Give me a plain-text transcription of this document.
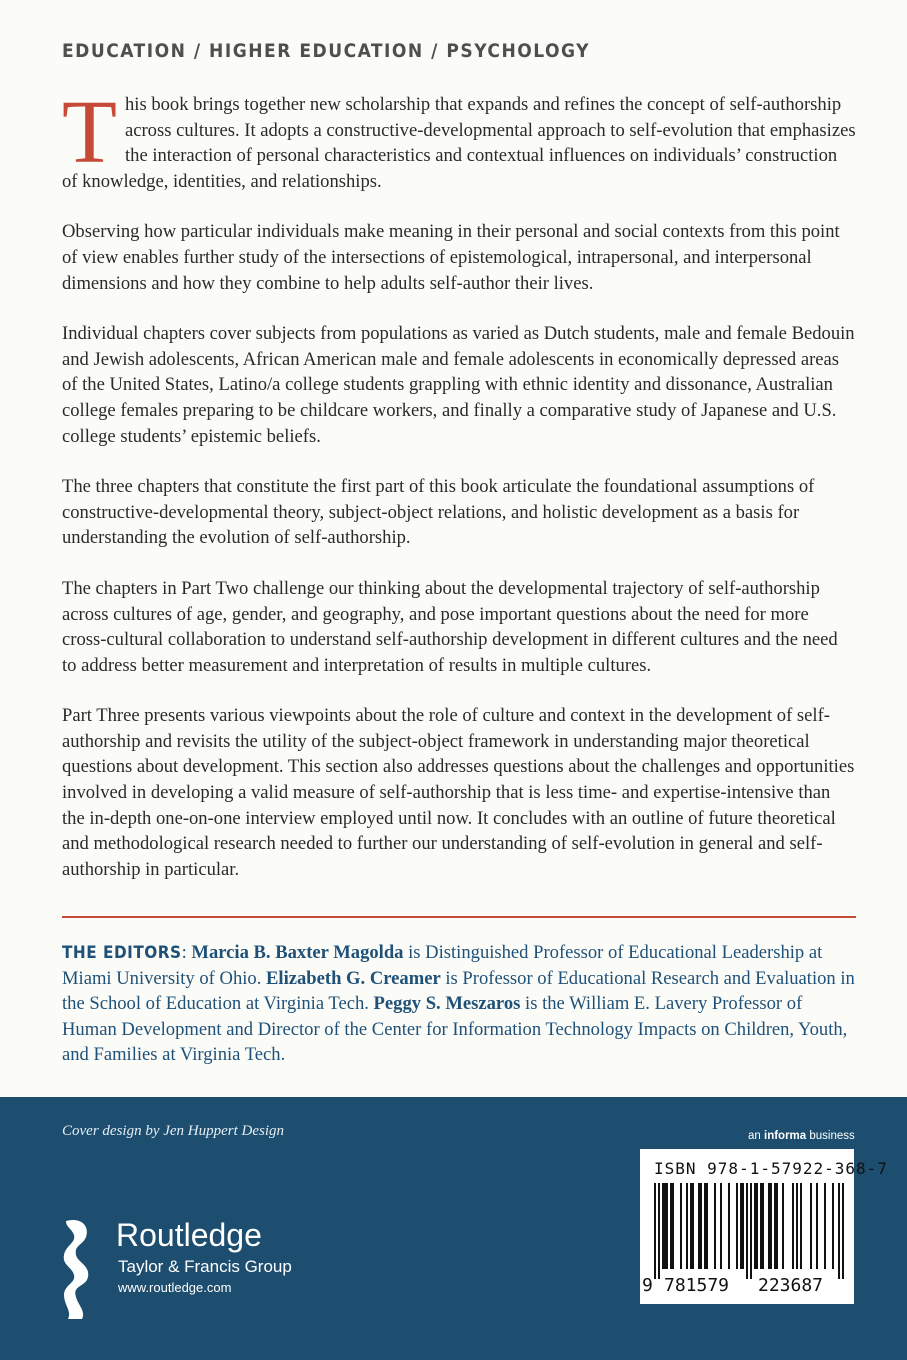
EDUCATION / HIGHER EDUCATION / PSYCHOLOGY

This book brings together new scholarship that expands and refines the concept of self-authorship across cultures. It adopts a constructive-developmental approach to self-evolution that emphasizes the interaction of personal characteristics and contextual influences on individuals’ construction of knowledge, identities, and relationships.

Observing how particular individuals make meaning in their personal and social contexts from this point of view enables further study of the intersections of epistemological, intrapersonal, and interpersonal dimensions and how they combine to help adults self-author their lives.

Individual chapters cover subjects from populations as varied as Dutch students, male and female Bedouin and Jewish adolescents, African American male and female adolescents in economically depressed areas of the United States, Latino/a college students grappling with ethnic identity and dissonance, Australian college females preparing to be childcare workers, and finally a comparative study of Japanese and U.S. college students’ epistemic beliefs.

The three chapters that constitute the first part of this book articulate the foundational assumptions of constructive-developmental theory, subject-object relations, and holistic development as a basis for understanding the evolution of self-authorship.

The chapters in Part Two challenge our thinking about the developmental trajectory of self-authorship across cultures of age, gender, and geography, and pose important questions about the need for more cross-cultural collaboration to understand self-authorship development in different cultures and the need to address better measurement and interpretation of results in multiple cultures.

Part Three presents various viewpoints about the role of culture and context in the development of self-authorship and revisits the utility of the subject-object framework in understanding major theoretical questions about development. This section also addresses questions about the challenges and opportunities involved in developing a valid measure of self-authorship that is less time- and expertise-intensive than the in-depth one-on-one interview employed until now. It concludes with an outline of future theoretical and methodological research needed to further our understanding of self-evolution in general and self-authorship in particular.

THE EDITORS: Marcia B. Baxter Magolda is Distinguished Professor of Educational Leadership at Miami University of Ohio. Elizabeth G. Creamer is Professor of Educational Research and Evaluation in the School of Education at Virginia Tech. Peggy S. Meszaros is the William E. Lavery Professor of Human Development and Director of the Center for Information Technology Impacts on Children, Youth, and Families at Virginia Tech.
Cover design by Jen Huppert Design
Routledge
Taylor & Francis Group
www.routledge.com
an informa business
ISBN 978-1-57922-368-7
9 781579 223687
